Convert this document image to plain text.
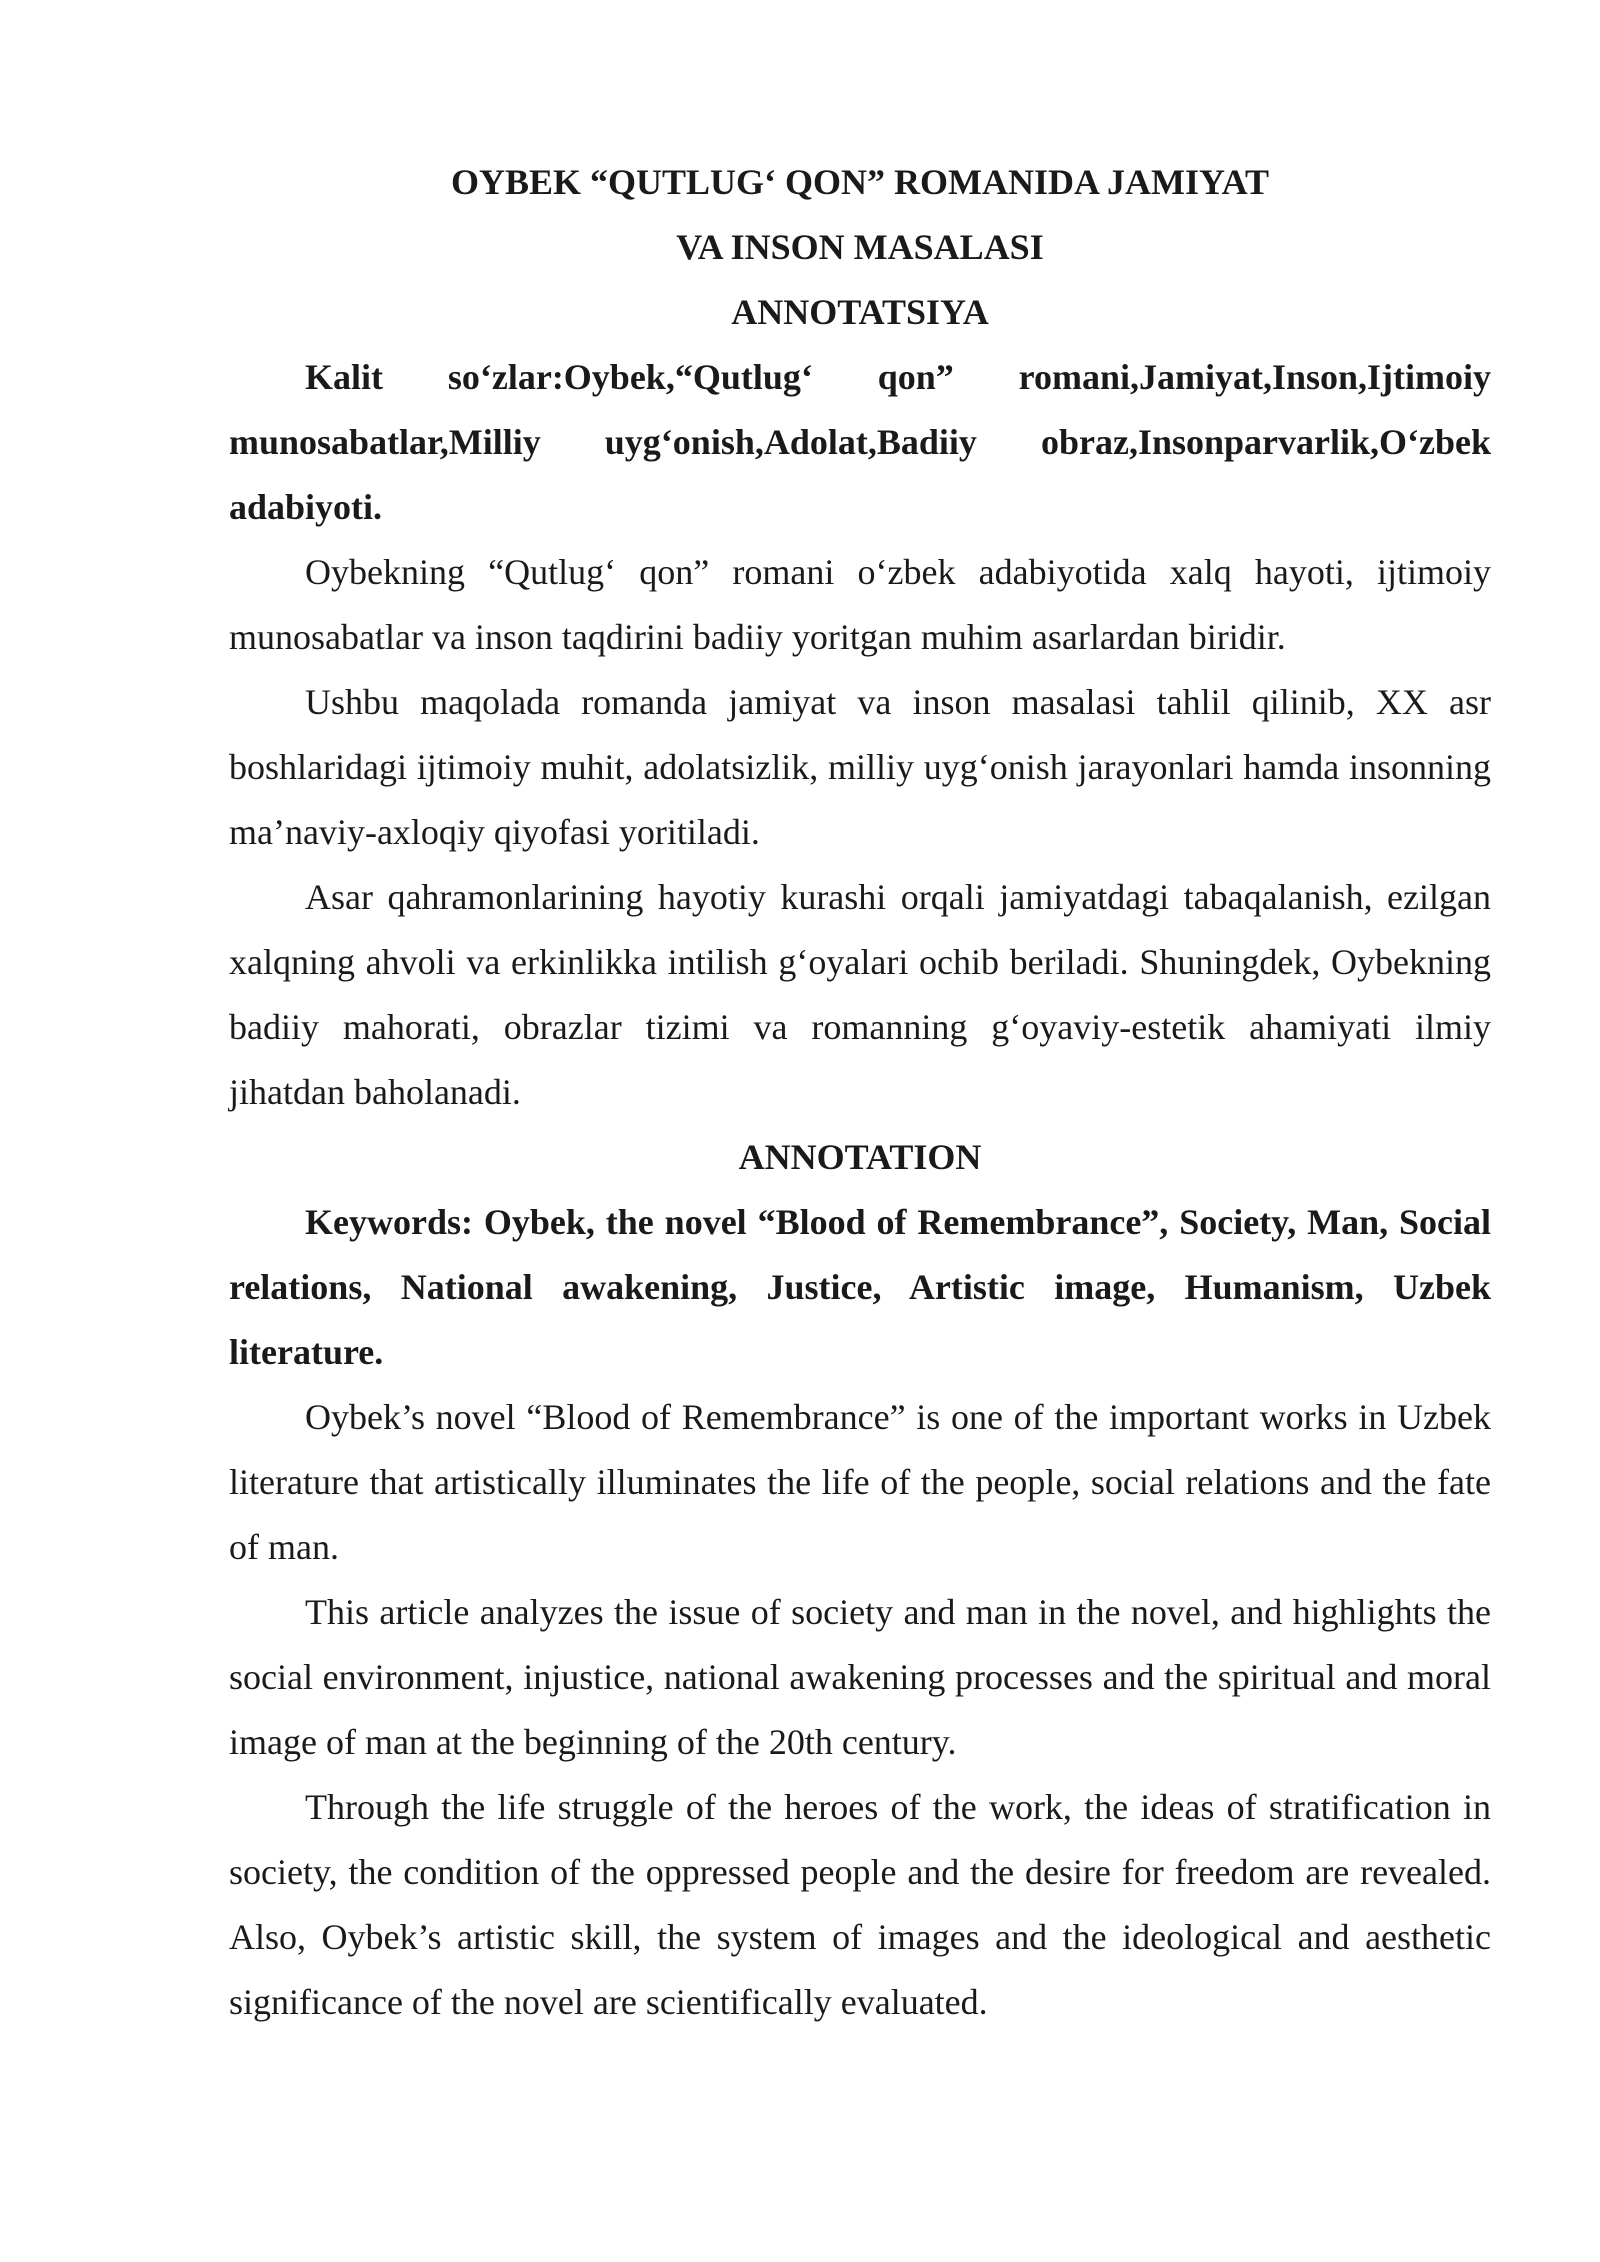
OYBEK “QUTLUG‘ QON” ROMANIDA JAMIYAT
VA INSON MASALASI
ANNOTATSIYA

Kalit so‘zlar:Oybek,“Qutlug‘ qon” romani,Jamiyat,Inson,Ijtimoiy munosabatlar,Milliy uyg‘onish,Adolat,Badiiy obraz,Insonparvarlik,O‘zbek adabiyoti.

Oybekning “Qutlug‘ qon” romani o‘zbek adabiyotida xalq hayoti, ijtimoiy munosabatlar va inson taqdirini badiiy yoritgan muhim asarlardan biridir.

Ushbu maqolada romanda jamiyat va inson masalasi tahlil qilinib, XX asr boshlaridagi ijtimoiy muhit, adolatsizlik, milliy uyg‘onish jarayonlari hamda insonning ma’naviy-axloqiy qiyofasi yoritiladi.

Asar qahramonlarining hayotiy kurashi orqali jamiyatdagi tabaqalanish, ezilgan xalqning ahvoli va erkinlikka intilish g‘oyalari ochib beriladi. Shuningdek, Oybekning badiiy mahorati, obrazlar tizimi va romanning g‘oyaviy-estetik ahamiyati ilmiy jihatdan baholanadi.

ANNOTATION

Keywords: Oybek, the novel “Blood of Remembrance”, Society, Man, Social relations, National awakening, Justice, Artistic image, Humanism, Uzbek literature.

Oybek’s novel “Blood of Remembrance” is one of the important works in Uzbek literature that artistically illuminates the life of the people, social relations and the fate of man.

This article analyzes the issue of society and man in the novel, and highlights the social environment, injustice, national awakening processes and the spiritual and moral image of man at the beginning of the 20th century.

Through the life struggle of the heroes of the work, the ideas of stratification in society, the condition of the oppressed people and the desire for freedom are revealed. Also, Oybek’s artistic skill, the system of images and the ideological and aesthetic significance of the novel are scientifically evaluated.
